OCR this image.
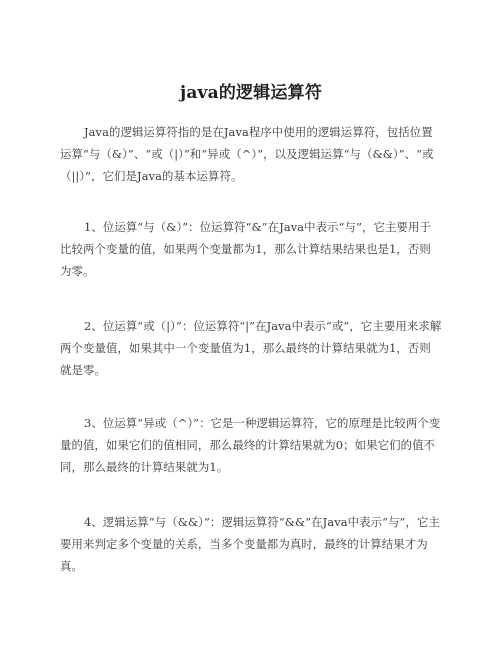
java的逻辑运算符

Java的逻辑运算符指的是在Java程序中使用的逻辑运算符，包括位置运算“与（&）”、“或（|）”和“异或（^）”，以及逻辑运算“与（&&）”、“或（||）”，它们是Java的基本运算符。

1、位运算“与（&）”：位运算符“&”在Java中表示“与”，它主要用于比较两个变量的值，如果两个变量都为1，那么计算结果结果也是1，否则为零。

2、位运算“或（|）”：位运算符“|”在Java中表示“或”，它主要用来求解两个变量值，如果其中一个变量值为1，那么最终的计算结果就为1，否则就是零。

3、位运算“异或（^）”：它是一种逻辑运算符，它的原理是比较两个变量的值，如果它们的值相同，那么最终的计算结果就为0；如果它们的值不同，那么最终的计算结果就为1。

4、逻辑运算“与（&&）”：逻辑运算符“&&”在Java中表示“与”，它主要用来判定多个变量的关系，当多个变量都为真时，最终的计算结果才为真。
